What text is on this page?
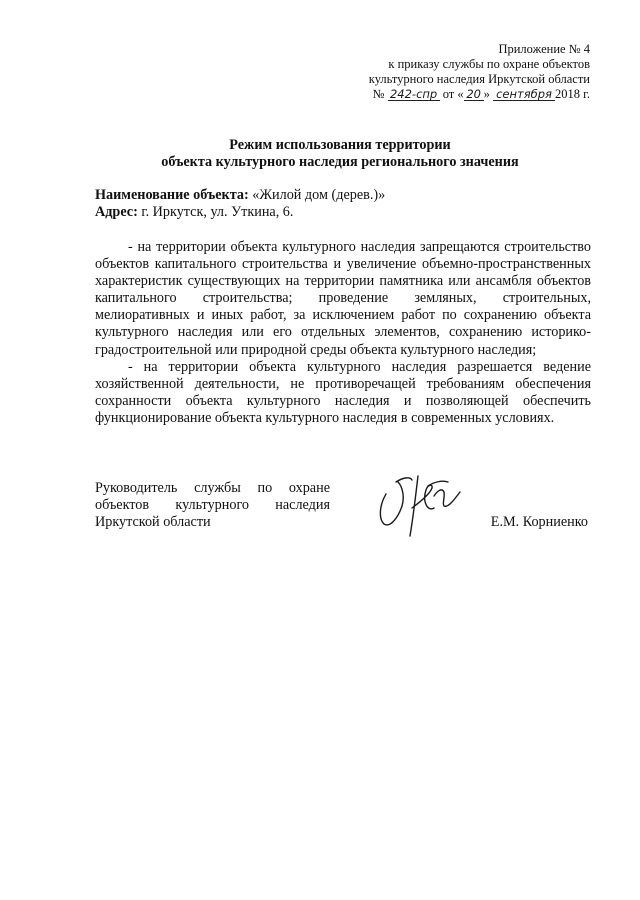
Приложение № 4
к приказу службы по охране объектов
культурного наследия Иркутской области
№ 242-спр от « 20 » сентября 2018 г.
Режим использования территории
объекта культурного наследия регионального значения
Наименование объекта: «Жилой дом (дерев.)»
Адрес: г. Иркутск, ул. Уткина, 6.

- на территории объекта культурного наследия запрещаются строительство объектов капитального строительства и увеличение объемно-пространственных характеристик существующих на территории памятника или ансамбля объектов капитального строительства; проведение земляных, строительных, мелиоративных и иных работ, за исключением работ по сохранению объекта культурного наследия или его отдельных элементов, сохранению историко-градостроительной или природной среды объекта культурного наследия;

- на территории объекта культурного наследия разрешается ведение хозяйственной деятельности, не противоречащей требованиям обеспечения сохранности объекта культурного наследия и позволяющей обеспечить функционирование объекта культурного наследия в современных условиях.

Руководитель службы по охране
объектов культурного наследия
Иркутской области	Е.М. Корниенко
